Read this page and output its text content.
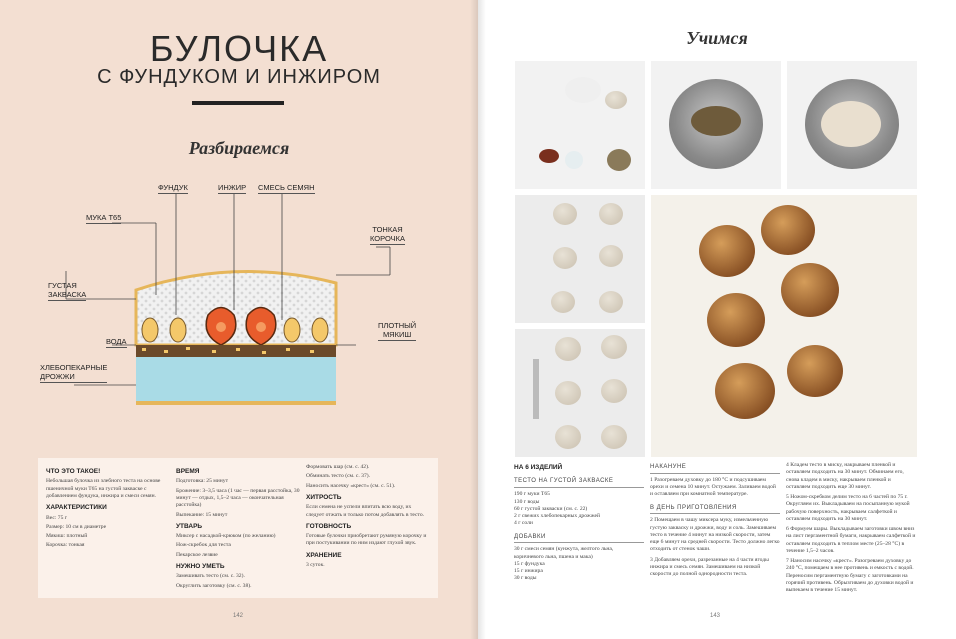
БУЛОЧКА
С ФУНДУКОМ И ИНЖИРОМ
Разбираемся
ФУНДУК	ИНЖИР СМЕСЬ СЕМЯН
МУКА Т65
ТОНКАЯ
КОРОЧКА
ГУСТАЯ
ЗАКВАСКА
ВОДА
ПЛОТНЫЙ
МЯКИШ
ХЛЕБОПЕКАРНЫЕ
ДРОЖЖИ
ЧТО ЭТО ТАКОЕ!

Небольшая булочка из злебного теста на основе пшеничной муки Т65 на густой закваске с добавлением фундука, инжира и смеси семян.

ХАРАКТЕРИСТИКИ

Вес: 75 г

Размер: 10 см в диаметре

Мякиш: плотный

Корочка: тонкая

ВРЕМЯ

Подготовка: 25 минут

Брожение: 3–3,5 часа (1 час — первая расстойка, 30 минут — отдых, 1,5–2 часа — окончательная расстойка)

Выпекание: 15 минут

УТВАРЬ

Миксер с насадкой-крюком (по желанию)

Нож-скребок для теста

Пекарское лезвие

НУЖНО УМЕТЬ

Замешивать тесто (см. с. 32).

Округлить заготовку (см. с. 38).

Формовать шар (см. с. 42).

Обминать тесто (см. с. 37).

Наносить насечку «крест» (см. с. 51).

ХИТРОСТЬ

Если семена не успели впитать всю воду, их следует отжать и только потом добавлять в тесто.

ГОТОВНОСТЬ

Готовые булочки приобретают румяную корочку и при постукивании по ним издают глухой звук.

ХРАНЕНИЕ

3 суток.

142
Учимся
НА 6 ИЗДЕЛИЙ
ТЕСТО НА ГУСТОЙ ЗАКВАСКЕ

190 г муки Т65

130 г воды

60 г густой закваски (см. с. 22)

2 г свежих хлебопекарных дрожжей

4 г соли

ДОБАВКИ

30 г смеси семян (кунжута, желтого льна, коричневого льна, пшена и мака)

15 г фундука

15 г инжира

30 г воды

НАКАНУНЕ

1 Разогреваем духовку до 180 °С и подсушиваем орехи и семена 10 минут. Остужаем. Заливаем водой и оставляем при комнатной температуре.

В ДЕНЬ ПРИГОТОВЛЕНИЯ

2 Помещаем в чашу миксера муку, измельченную густую закваску и дрожжи, воду и соль. Замешиваем тесто в течение 4 минут на низкой скорости, затем еще 6 минут на средней скорости. Тесто должно легко отходить от стенок чаши.

3 Добавляем орехи, разрезанные на 4 части ягоды инжира и смесь семян. Замешиваем на низкой скорости до полной однородности теста.

4 Кладем тесто в миску, накрываем пленкой и оставляем подходить на 30 минут. Обминаем его, снова кладем в миску, накрываем пленкой и оставляем подходить еще 30 минут.

5 Ножом-скребком делим тесто на 6 частей по 75 г. Округляем их. Выкладываем на посыпанную мукой рабочую поверхность, накрываем салфеткой и оставляем подходить на 30 минут.

6 Формуем шары. Выкладываем заготовки швом вниз на лист пергаментной бумаги, накрываем салфеткой и оставляем подходить в теплом месте (25–28 °С) в течение 1,5–2 часов.

7 Наносим насечку «крест». Разогреваем духовку до 240 °С, помещаем в нее противень и емкость с водой. Переносим пергаментную бумагу с заготовками на горячий противень. Обрызгиваем до духовки водой и выпекаем в течение 15 минут.

143
